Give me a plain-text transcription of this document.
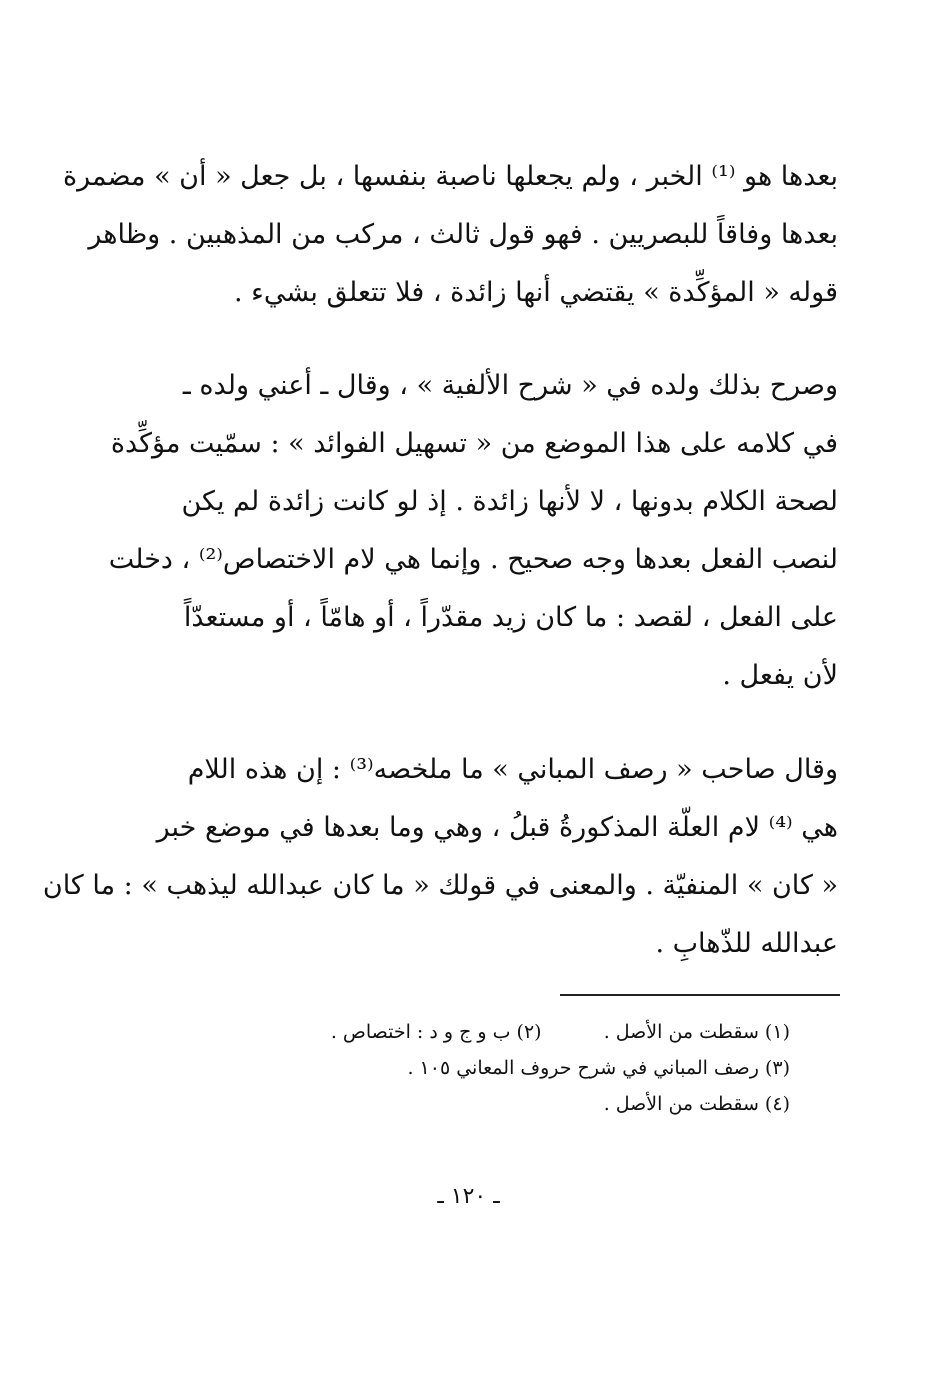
بعدها هو ⁽¹⁾ الخبر ، ولم يجعلها ناصبة بنفسها ، بل جعل « أن » مضمرة
بعدها وفاقاً للبصريين . فهو قول ثالث ، مركب من المذهبين . وظاهر
قوله « المؤكِّدة » يقتضي أنها زائدة ، فلا تتعلق بشيء .
وصرح بذلك ولده في « شرح الألفية » ، وقال ـ أعني ولده ـ
في كلامه على هذا الموضع من « تسهيل الفوائد » : سمّيت مؤكِّدة
لصحة الكلام بدونها ، لا لأنها زائدة . إذ لو كانت زائدة لم يكن
لنصب الفعل بعدها وجه صحيح . وإنما هي لام الاختصاص⁽²⁾ ، دخلت
على الفعل ، لقصد : ما كان زيد مقدّراً ، أو هامّاً ، أو مستعدّاً
لأن يفعل .
وقال صاحب « رصف المباني » ما ملخصه⁽³⁾ : إن هذه اللام
هي ⁽⁴⁾ لام العلّة المذكورةُ قبلُ ، وهي وما بعدها في موضع خبر
« كان » المنفيّة . والمعنى في قولك « ما كان عبدالله ليذهب » : ما كان
عبدالله للذّهابِ .
(١) سقطت من الأصل .  (٢) ب و ج و د : اختصاص .
(٣) رصف المباني في شرح حروف المعاني ١٠٥ .
(٤) سقطت من الأصل .
ـ ١٢٠ ـ
